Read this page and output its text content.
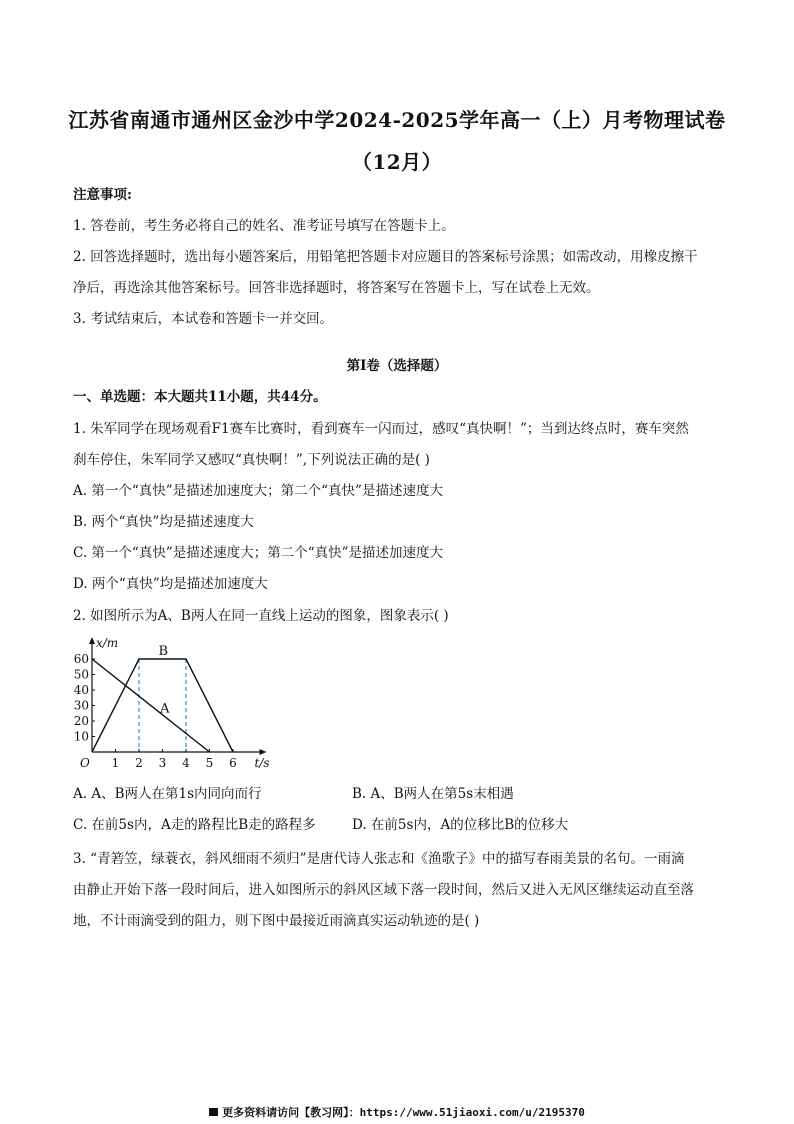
江苏省南通市通州区金沙中学2024-2025学年高一（上）月考物理试卷
（12月）
注意事项:
1. 答卷前，考生务必将自己的姓名、准考证号填写在答题卡上。
2. 回答选择题时，选出每小题答案后，用铅笔把答题卡对应题目的答案标号涂黑；如需改动，用橡皮擦干
净后，再选涂其他答案标号。回答非选择题时，将答案写在答题卡上，写在试卷上无效。
3. 考试结束后，本试卷和答题卡一并交回。
第Ⅰ卷（选择题）
一、单选题：本大题共11小题，共44分。
1. 朱军同学在现场观看F1赛车比赛时，看到赛车一闪而过，感叹“真快啊！”；当到达终点时，赛车突然
刹车停住，朱军同学又感叹“真快啊！”,下列说法正确的是( )
A. 第一个“真快”是描述加速度大；第二个“真快”是描述速度大
B. 两个“真快”均是描述速度大
C. 第一个“真快”是描述速度大；第二个“真快”是描述加速度大
D. 两个“真快”均是描述加速度大
2. 如图所示为A、B两人在同一直线上运动的图象，图象表示( )
1 2 3 4 5 6
10
20
30
40
50
60
A
B
x/m
t/s
O
A. A、B两人在第1s内同向而行	B. A、B两人在第5s末相遇
C. 在前5s内，A走的路程比B走的路程多	D. 在前5s内，A的位移比B的位移大
3. “青箬笠，绿蓑衣，斜风细雨不须归”是唐代诗人张志和《渔歌子》中的描写春雨美景的名句。一雨滴
由静止开始下落一段时间后，进入如图所示的斜风区域下落一段时间，然后又进入无风区继续运动直至落
地，不计雨滴受到的阻力，则下图中最接近雨滴真实运动轨迹的是( )
更多资料请访问【教习网】：https://www.51jiaoxi.com/u/2195370
